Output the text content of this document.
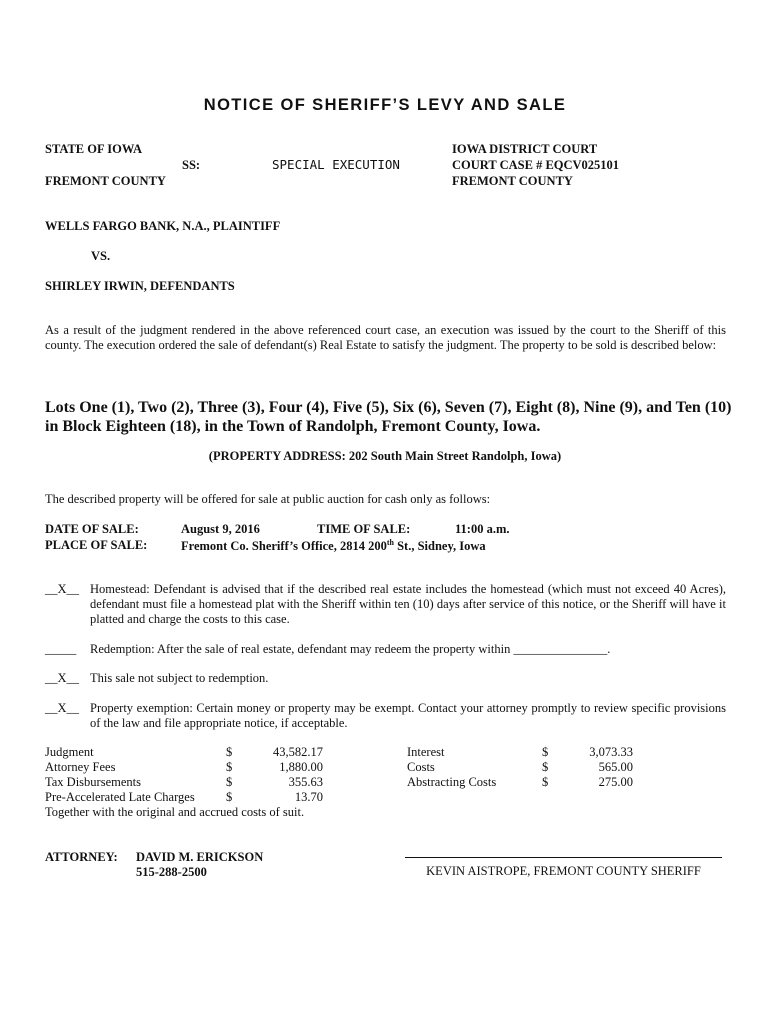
NOTICE OF SHERIFF’S LEVY AND SALE
STATE OF IOWA
SS:
FREMONT COUNTY
SPECIAL EXECUTION
IOWA DISTRICT COURT
COURT CASE # EQCV025101
FREMONT COUNTY
WELLS FARGO BANK, N.A., PLAINTIFF
VS.
SHIRLEY IRWIN, DEFENDANTS
As a result of the judgment rendered in the above referenced court case, an execution was issued by the court to the Sheriff of this county. The execution ordered the sale of defendant(s) Real Estate to satisfy the judgment. The property to be sold is described below:
Lots One (1), Two (2), Three (3), Four (4), Five (5), Six (6), Seven (7), Eight (8), Nine (9), and Ten (10) in Block Eighteen (18), in the Town of Randolph, Fremont County, Iowa.
(PROPERTY ADDRESS: 202 South Main Street Randolph, Iowa)
The described property will be offered for sale at public auction for cash only as follows:
DATE OF SALE:	August 9, 2016	TIME OF SALE:	11:00 a.m.
PLACE OF SALE:	Fremont Co. Sheriff’s Office, 2814 200th St., Sidney, Iowa
__X__ Homestead: Defendant is advised that if the described real estate includes the homestead (which must not exceed 40 Acres), defendant must file a homestead plat with the Sheriff within ten (10) days after service of this notice, or the Sheriff will have it platted and charge the costs to this case.
_____ Redemption: After the sale of real estate, defendant may redeem the property within _______________.
__X__ This sale not subject to redemption.
__X__ Property exemption: Certain money or property may be exempt. Contact your attorney promptly to review specific provisions of the law and file appropriate notice, if acceptable.
Judgment	$	43,582.17
Attorney Fees	$	1,880.00
Tax Disbursements	$	355.63
Pre-Accelerated Late Charges	$	13.70
Interest	$	3,073.33
Costs	$	565.00
Abstracting Costs	$	275.00
Together with the original and accrued costs of suit.
ATTORNEY: DAVID M. ERICKSON
515-288-2500	KEVIN AISTROPE, FREMONT COUNTY SHERIFF
